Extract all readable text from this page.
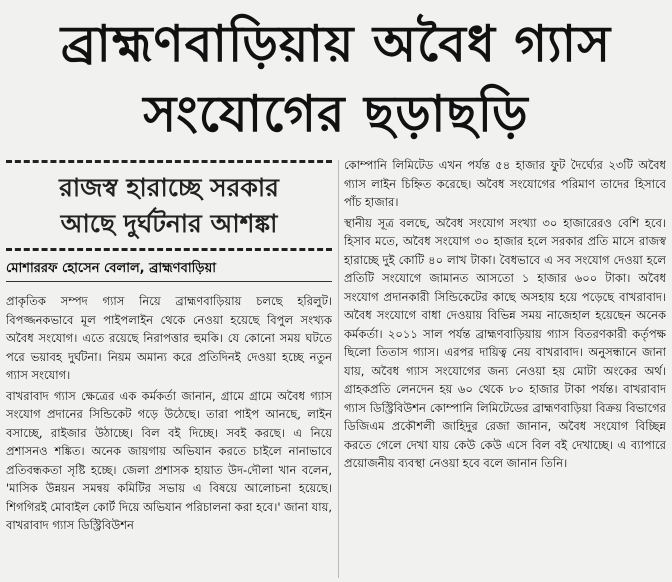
ব্রাহ্মণবাড়িয়ায় অবৈধ গ্যাস
সংযোগের ছড়াছড়ি
রাজস্ব হারাচ্ছে সরকার
আছে দুর্ঘটনার আশঙ্কা
মোশাররফ হোসেন বেলাল, ব্রাহ্মণবাড়িয়া

প্রাকৃতিক সম্পদ গ্যাস নিয়ে ব্রাহ্মণবাড়িয়ায় চলছে হরিলুট। বিপজ্জনকভাবে মূল পাইপলাইন থেকে নেওয়া হয়েছে বিপুল সংখ্যক অবৈধ সংযোগ। এতে রয়েছে নিরাপত্তার হুমকি। যে কোনো সময় ঘটতে পরে ভয়াবহ দুর্ঘটনা। নিয়ম অমান্য করে প্রতিদিনই দেওয়া হচ্ছে নতুন গ্যাস সংযোগ।

বাখরাবাদ গ্যাস ক্ষেত্রের এক কর্মকর্তা জানান, গ্রামে গ্রামে অবৈধ গ্যাস সংযোগ প্রদানের সিন্ডিকেট গড়ে উঠেছে। তারা পাইপ আনছে, লাইন বসাচ্ছে, রাইজার উঠাচ্ছে। বিল বই দিচ্ছে। সবই করছে। এ নিয়ে প্রশাসনও শঙ্কিত। অনেক জায়গায় অভিযান করতে চাইলে নানাভাবে প্রতিবন্ধকতা সৃষ্টি হচ্ছে। জেলা প্রশাসক হায়াত উদ-দৌলা খান বলেন, 'মাসিক উন্নয়ন সমন্বয় কমিটির সভায় এ বিষয়ে আলোচনা হয়েছে। শিগগিরই মোবাইল কোর্ট দিয়ে অভিযান পরিচালনা করা হবে।' জানা যায়, বাখরাবাদ গ্যাস ডিস্ট্রিবিউশন

কোম্পানি লিমিটেড এখন পর্যন্ত ৫৪ হাজার ফুট দৈর্ঘ্যের ২৩টি অবৈধ গ্যাস লাইন চিহ্নিত করেছে। অবৈধ সংযোগের পরিমাণ তাদের হিসাবে পাঁচ হাজার।

স্থানীয় সূত্র বলছে, অবৈধ সংযোগ সংখ্যা ৩০ হাজারেরও বেশি হবে। হিসাব মতে, অবৈধ সংযোগ ৩০ হাজার হলে সরকার প্রতি মাসে রাজস্ব হারাচ্ছে দুই কোটি ৪০ লাখ টাকা। বৈধভাবে এ সব সংযোগ দেওয়া হলে প্রতিটি সংযোগে জামানত আসতো ১ হাজার ৬০০ টাকা। অবৈধ সংযোগ প্রদানকারী সিন্ডিকেটের কাছে অসহায় হয়ে পড়েছে বাখরাবাদ। অবৈধ সংযোগে বাধা দেওয়ায় বিভিন্ন সময় নাজেহাল হয়েছেন অনেক কর্মকর্তা। ২০১১ সাল পর্যন্ত ব্রাহ্মণবাড়িয়ায় গ্যাস বিতরণকারী কর্তৃপক্ষ ছিলো তিতাস গ্যাস। এরপর দায়িত্ব নেয় বাখরাবাদ। অনুসন্ধানে জানা যায়, অবৈধ গ্যাস সংযোগের জন্য নেওয়া হয় মোটা অংকের অর্থ। গ্রাহকপ্রতি লেনদেন হয় ৬০ থেকে ৮০ হাজার টাকা পর্যন্ত। বাখরাবাদ গ্যাস ডিস্ট্রিবিউশন কোম্পানি লিমিটেডের ব্রাহ্মণবাড়িয়া বিক্রয় বিভাগের ডিজিএম প্রকৌশলী জাহিদুর রেজা জানান, অবৈধ সংযোগ বিচ্ছিন্ন করতে গেলে দেখা যায় কেউ কেউ এসে বিল বই দেখাচ্ছে। এ ব্যাপারে প্রয়োজনীয় ব্যবস্থা নেওয়া হবে বলে জানান তিনি।
